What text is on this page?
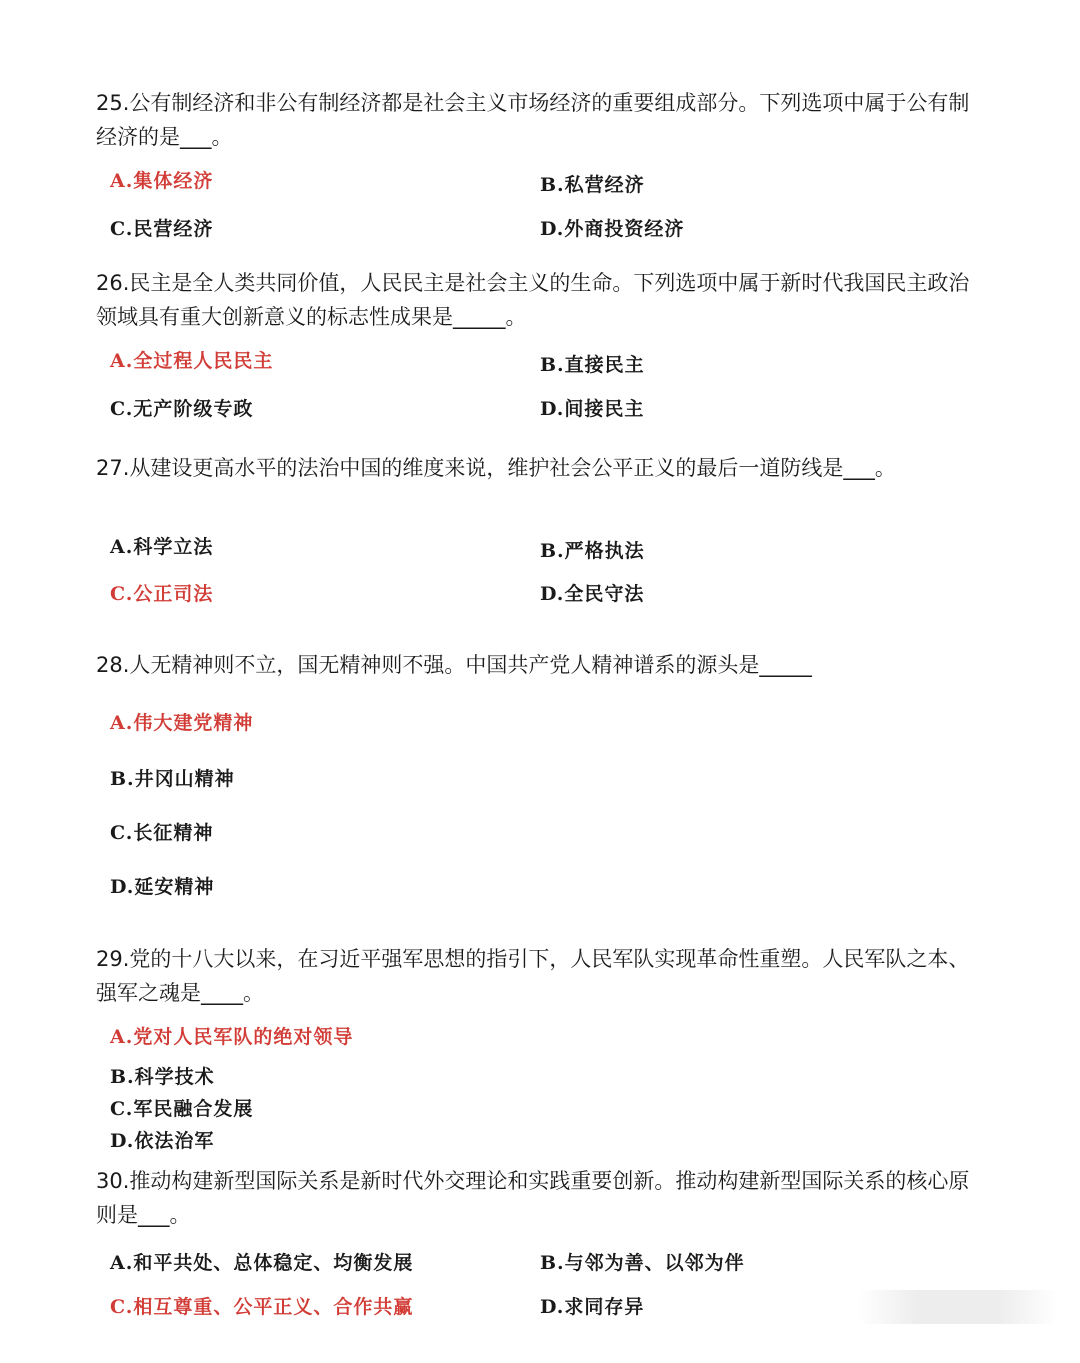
25.公有制经济和非公有制经济都是社会主义市场经济的重要组成部分。下列选项中属于公有制经济的是___。

A.集体经济	B.私营经济
C.民营经济	D.外商投资经济

26.民主是全人类共同价值，人民民主是社会主义的生命。下列选项中属于新时代我国民主政治领域具有重大创新意义的标志性成果是_____。

A.全过程人民民主	B.直接民主
C.无产阶级专政	D.间接民主

27.从建设更高水平的法治中国的维度来说，维护社会公平正义的最后一道防线是___。

A.科学立法	B.严格执法
C.公正司法	D.全民守法

28.人无精神则不立，国无精神则不强。中国共产党人精神谱系的源头是_____

A.伟大建党精神
B.井冈山精神
C.长征精神
D.延安精神

29.党的十八大以来，在习近平强军思想的指引下，人民军队实现革命性重塑。人民军队之本、强军之魂是____。

A.党对人民军队的绝对领导
B.科学技术
C.军民融合发展
D.依法治军

30.推动构建新型国际关系是新时代外交理论和实践重要创新。推动构建新型国际关系的核心原则是___。

A.和平共处、总体稳定、均衡发展	B.与邻为善、以邻为伴
C.相互尊重、公平正义、合作共赢	D.求同存异
